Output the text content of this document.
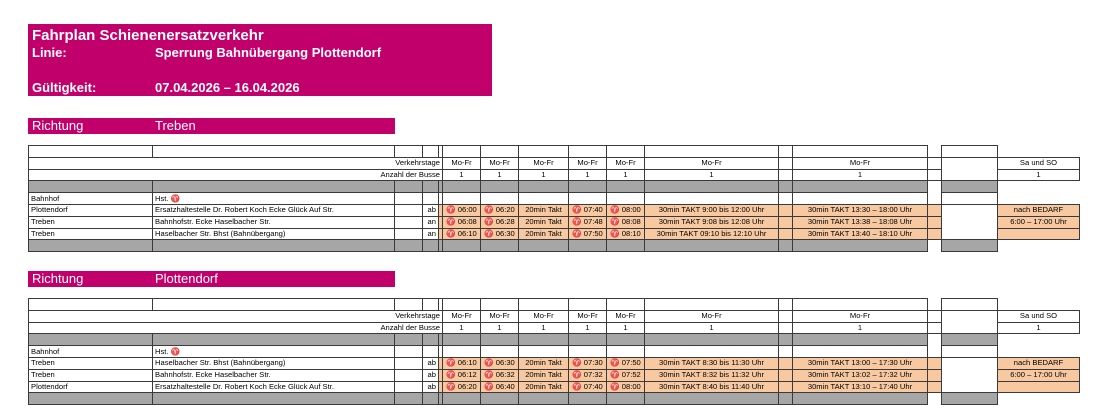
Fahrplan Schienenersatzverkehr
Linie:	Sperrung Bahnübergang Plottendorf
Gültigkeit:	07.04.2026 – 16.04.2026
Richtung	Treben

Verkehrstage					Mo-Fr	Mo-Fr	Mo-Fr	Mo-Fr	Mo-Fr	Mo-Fr		Mo-Fr			Sa und SO
Anzahl der Busse					1	1	1	1	1	1		1			1

Bahnhof	Hst. ♈														
Plottendorf	Ersatzhaltestelle Dr. Robert Koch Ecke Glück Auf Str.		ab		♈ 06:00	♈ 06:20	20min Takt	♈ 07:40	♈ 08:00	30min TAKT 9:00 bis 12:00 Uhr		30min TAKT 13:30 – 18:00 Uhr			nach BEDARF
Treben	Bahnhofstr. Ecke Haselbacher Str.		an		♈ 06:08	♈ 06:28	20min Takt	♈ 07:48	♈ 08:08	30min TAKT 9:08 bis 12:08 Uhr		30min TAKT 13:38 – 18:08 Uhr			6:00 – 17:00 Uhr
Treben	Haselbacher Str. Bhst (Bahnübergang)		an		♈ 06:10	♈ 06:30	20min Takt	♈ 07:50	♈ 08:10	30min TAKT 09:10 bis 12:10 Uhr		30min TAKT 13:40 – 18:10 Uhr			

Richtung	Plottendorf

Verkehrstage					Mo-Fr	Mo-Fr	Mo-Fr	Mo-Fr	Mo-Fr	Mo-Fr		Mo-Fr			Sa und SO
Anzahl der Busse					1	1	1	1	1	1		1			1

Bahnhof	Hst. ♈														
Treben	Haselbacher Str. Bhst (Bahnübergang)		ab		♈ 06:10	♈ 06:30	20min Takt	♈ 07:30	♈ 07:50	30min TAKT 8:30 bis 11:30 Uhr		30min TAKT 13:00 – 17:30 Uhr			nach BEDARF
Treben	Bahnhofstr. Ecke Haselbacher Str.		ab		♈ 06:12	♈ 06:32	20min Takt	♈ 07:32	♈ 07:52	30min TAKT 8:32 bis 11:32 Uhr		30min TAKT 13:02 – 17:32 Uhr			6:00 – 17:00 Uhr
Plottendorf	Ersatzhaltestelle Dr. Robert Koch Ecke Glück Auf Str.		ab		♈ 06:20	♈ 06:40	20min Takt	♈ 07:40	♈ 08:00	30min TAKT 8:40 bis 11:40 Uhr		30min TAKT 13:10 – 17:40 Uhr			
